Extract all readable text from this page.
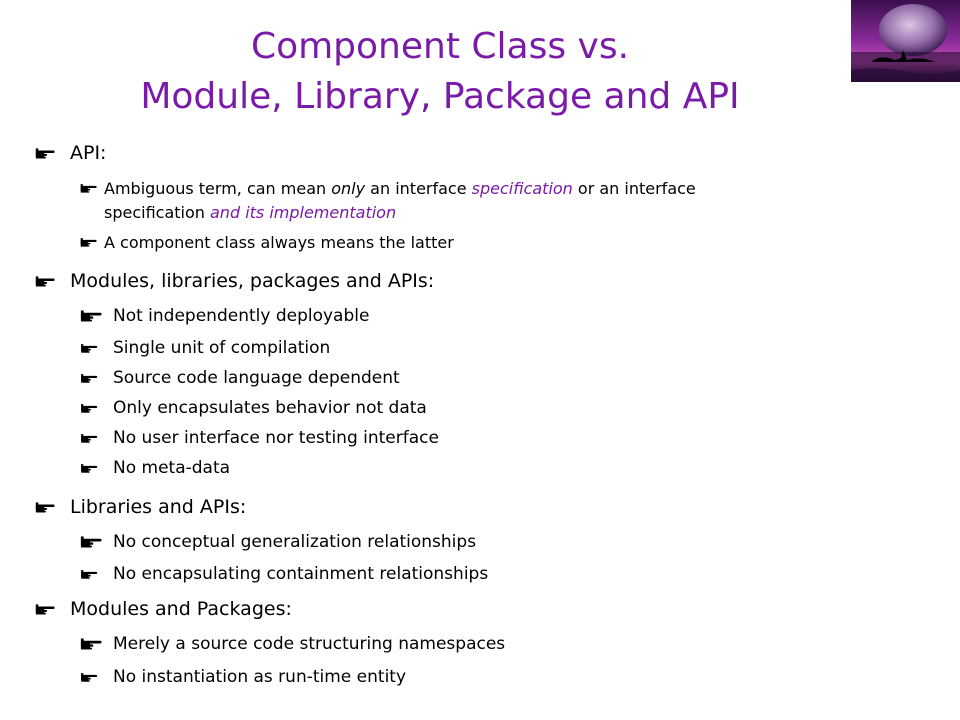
Component Class vs.
Module, Library, Package and API
API:
Ambiguous term, can mean only an interface specification or an interface
specification and its implementation
A component class always means the latter
Modules, libraries, packages and APIs:
Not independently deployable
Single unit of compilation
Source code language dependent
Only encapsulates behavior not data
No user interface nor testing interface
No meta-data
Libraries and APIs:
No conceptual generalization relationships
No encapsulating containment relationships
Modules and Packages:
Merely a source code structuring namespaces
No instantiation as run-time entity
